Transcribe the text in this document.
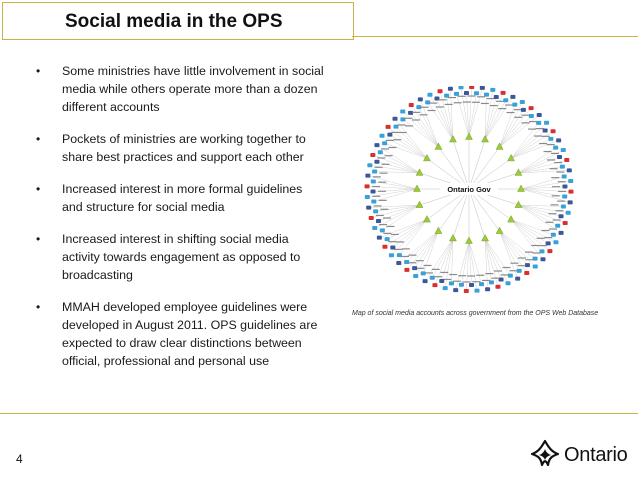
Social media in the OPS
• Some ministries have little involvement in social media while others operate more than a dozen different accounts
• Pockets of ministries are working together to share best practices and support each other
• Increased interest in more formal guidelines and structure for social media
• Increased interest in shifting social media activity towards engagement as opposed to broadcasting
• MMAH developed employee guidelines were developed in August 2011. OPS guidelines are expected to draw clear distinctions between official, professional and personal use
Ontario Gov
Map of social media accounts across government from the OPS Web Database
4	Ontario
